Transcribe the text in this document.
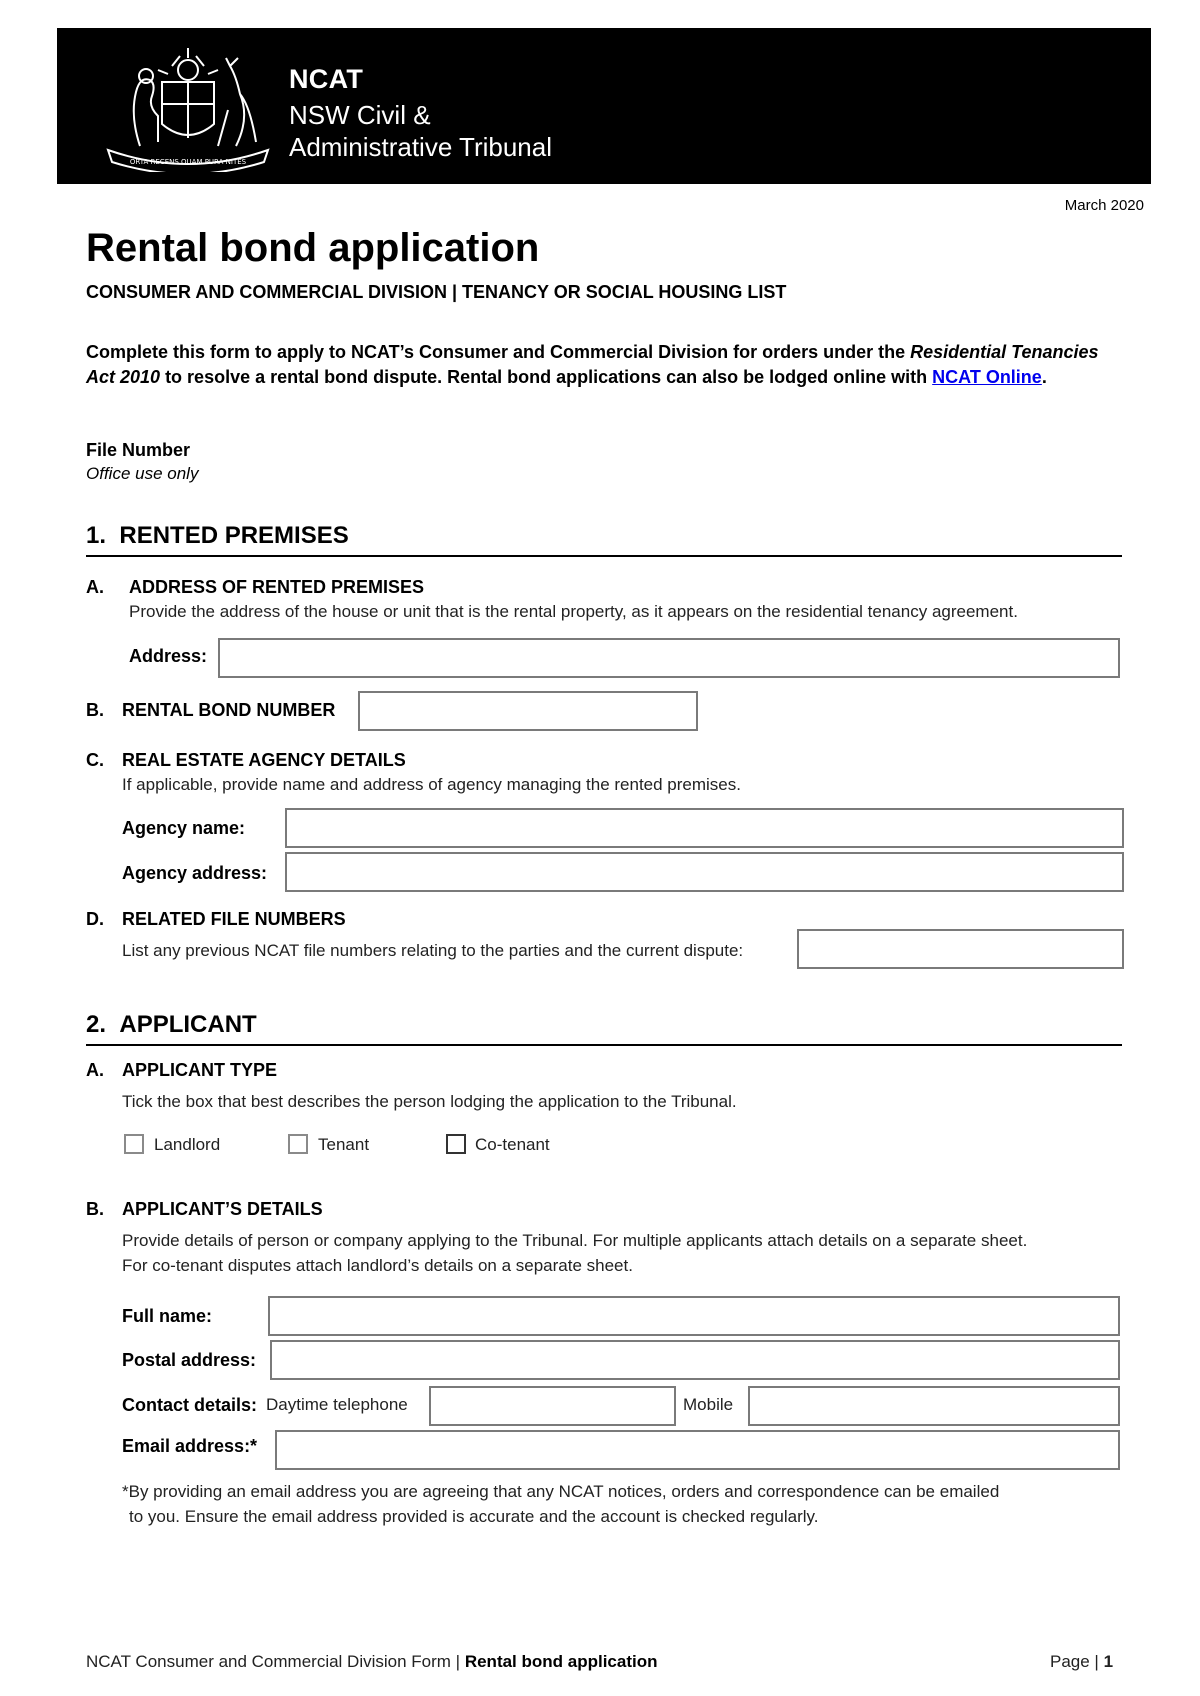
ORTA RECENS QUAM PURA NITES
NCAT
NSW Civil &
Administrative Tribunal
March 2020
Rental bond application
CONSUMER AND COMMERCIAL DIVISION | TENANCY OR SOCIAL HOUSING LIST
Complete this form to apply to NCAT’s Consumer and Commercial Division for orders under the Residential Tenancies Act 2010 to resolve a rental bond dispute. Rental bond applications can also be lodged online with NCAT Online.
File Number
Office use only
1. RENTED PREMISES
A. ADDRESS OF RENTED PREMISES
Provide the address of the house or unit that is the rental property, as it appears on the residential tenancy agreement.
Address:
B. RENTAL BOND NUMBER
C. REAL ESTATE AGENCY DETAILS
If applicable, provide name and address of agency managing the rented premises.
Agency name:
Agency address:
D. RELATED FILE NUMBERS
List any previous NCAT file numbers relating to the parties and the current dispute:
2. APPLICANT
A. APPLICANT TYPE
Tick the box that best describes the person lodging the application to the Tribunal.
Landlord	Tenant	Co-tenant
B. APPLICANT’S DETAILS
Provide details of person or company applying to the Tribunal. For multiple applicants attach details on a separate sheet.
For co-tenant disputes attach landlord’s details on a separate sheet.
Full name:
Postal address:
Contact details: Daytime telephone	Mobile
Email address:*
*By providing an email address you are agreeing that any NCAT notices, orders and correspondence can be emailed
to you. Ensure the email address provided is accurate and the account is checked regularly.
NCAT Consumer and Commercial Division Form | Rental bond application	Page | 1
